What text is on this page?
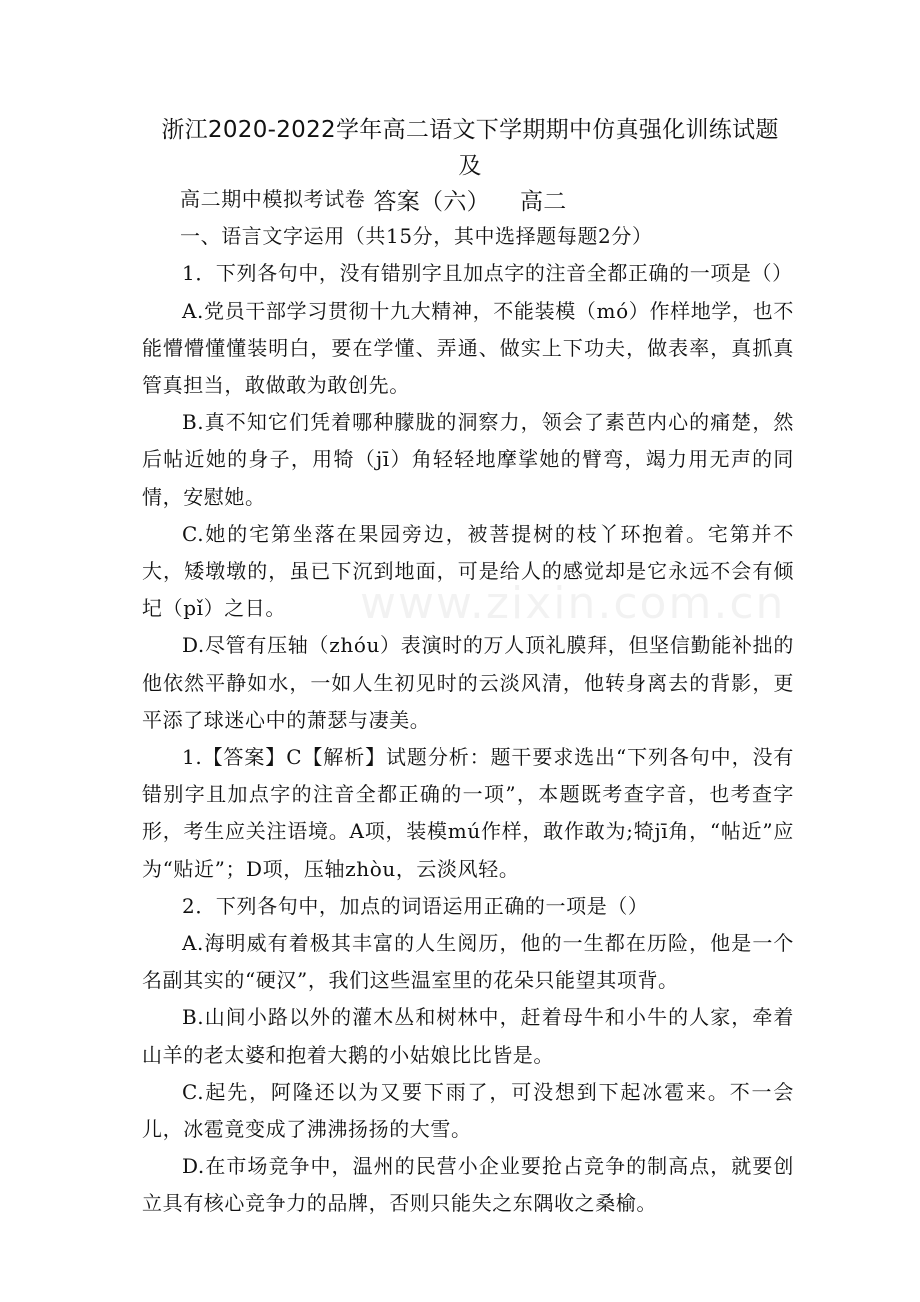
浙江2020-2022学年高二语文下学期期中仿真强化训练试题及
答案（六） 高二

高二期中模拟考试卷

一、语言文字运用（共15分，其中选择题每题2分）

1．下列各句中，没有错别字且加点字的注音全都正确的一项是（）

A.党员干部学习贯彻十九大精神，不能装模（mó）作样地学，也不能懵懵懂懂装明白，要在学懂、弄通、做实上下功夫，做表率，真抓真管真担当，敢做敢为敢创先。

B.真不知它们凭着哪种朦胧的洞察力，领会了素芭内心的痛楚，然后帖近她的身子，用犄（jī）角轻轻地摩挲她的臂弯，竭力用无声的同情，安慰她。

C.她的宅第坐落在果园旁边，被菩提树的枝丫环抱着。宅第并不大，矮墩墩的，虽已下沉到地面，可是给人的感觉却是它永远不会有倾圮（pǐ）之日。

D.尽管有压轴（zhóu）表演时的万人顶礼膜拜，但坚信勤能补拙的他依然平静如水，一如人生初见时的云淡风清，他转身离去的背影，更平添了球迷心中的萧瑟与凄美。

1.【答案】C【解析】试题分析：题干要求选出“下列各句中，没有错别字且加点字的注音全都正确的一项”，本题既考查字音，也考查字形，考生应关注语境。A项，装模mú作样，敢作敢为;犄jī角，“帖近”应为“贴近”；D项，压轴zhòu，云淡风轻。

2．下列各句中，加点的词语运用正确的一项是（）

A.海明威有着极其丰富的人生阅历，他的一生都在历险，他是一个名副其实的“硬汉”，我们这些温室里的花朵只能望其项背。

B.山间小路以外的灌木丛和树林中，赶着母牛和小牛的人家，牵着山羊的老太婆和抱着大鹅的小姑娘比比皆是。

C.起先，阿隆还以为又要下雨了，可没想到下起冰雹来。不一会儿，冰雹竟变成了沸沸扬扬的大雪。

D.在市场竞争中，温州的民营小企业要抢占竞争的制高点，就要创立具有核心竞争力的品牌，否则只能失之东隅收之桑榆。

www.zixin.com.cn
